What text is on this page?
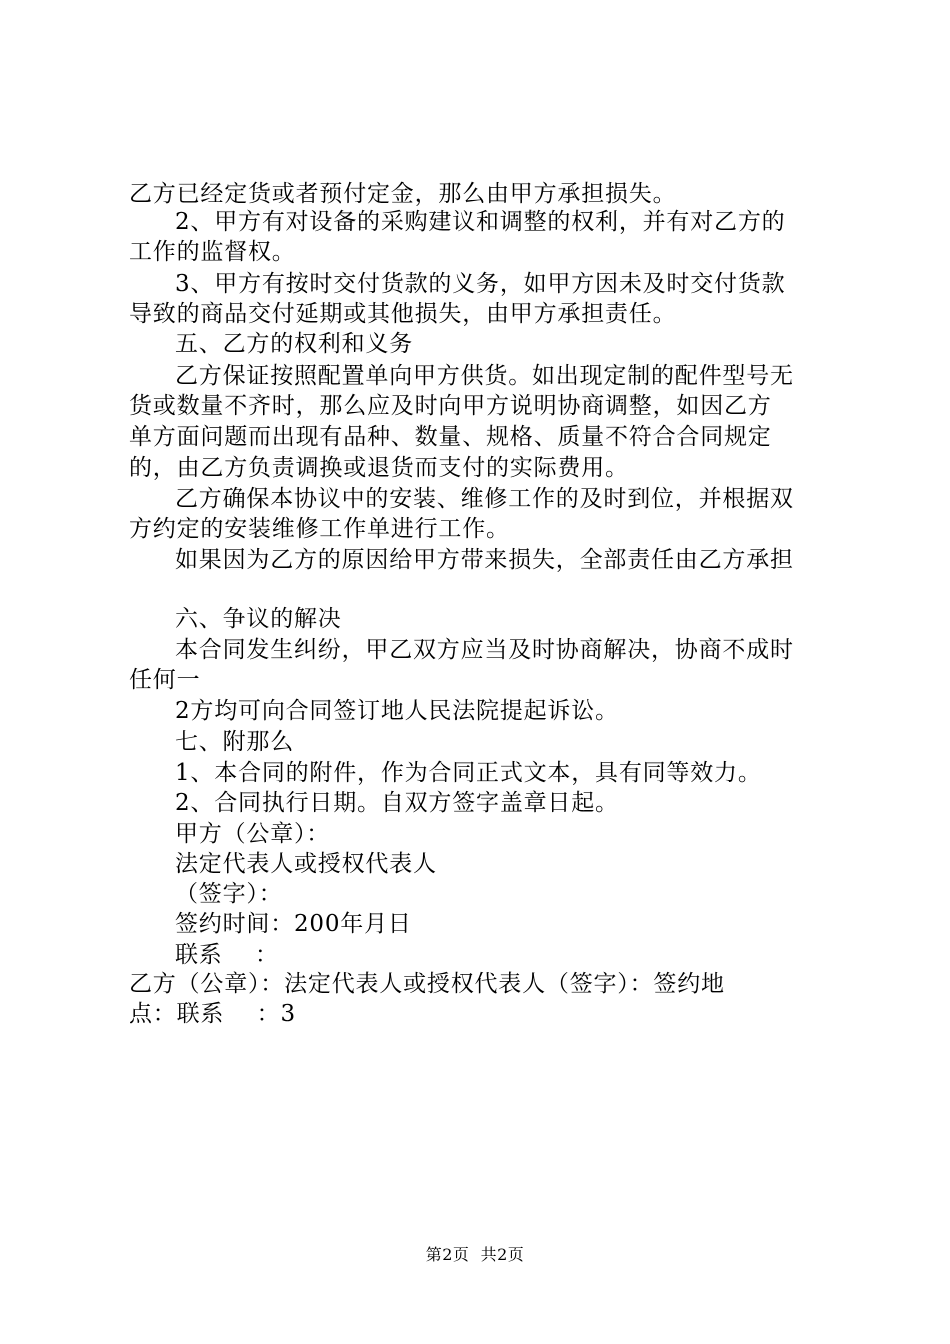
乙方已经定货或者预付定金，那么由甲方承担损失。
2、甲方有对设备的采购建议和调整的权利，并有对乙方的
工作的监督权。
3、甲方有按时交付货款的义务，如甲方因未及时交付货款
导致的商品交付延期或其他损失，由甲方承担责任。
五、乙方的权利和义务
乙方保证按照配置单向甲方供货。如出现定制的配件型号无
货或数量不齐时，那么应及时向甲方说明协商调整，如因乙方
单方面问题而出现有品种、数量、规格、质量不符合合同规定
的，由乙方负责调换或退货而支付的实际费用。
乙方确保本协议中的安装、维修工作的及时到位，并根据双
方约定的安装维修工作单进行工作。
如果因为乙方的原因给甲方带来损失，全部责任由乙方承担
六、争议的解决
本合同发生纠纷，甲乙双方应当及时协商解决，协商不成时
任何一
2方均可向合同签订地人民法院提起诉讼。
七、附那么
1、本合同的附件，作为合同正式文本，具有同等效力。
2、合同执行日期。自双方签字盖章日起。
甲方（公章）：
法定代表人或授权代表人
（签字）：
签约时间：200年月日
联系    ：
乙方（公章）：法定代表人或授权代表人（签字）：签约地
点：联系    ：3
第2页  共2页
